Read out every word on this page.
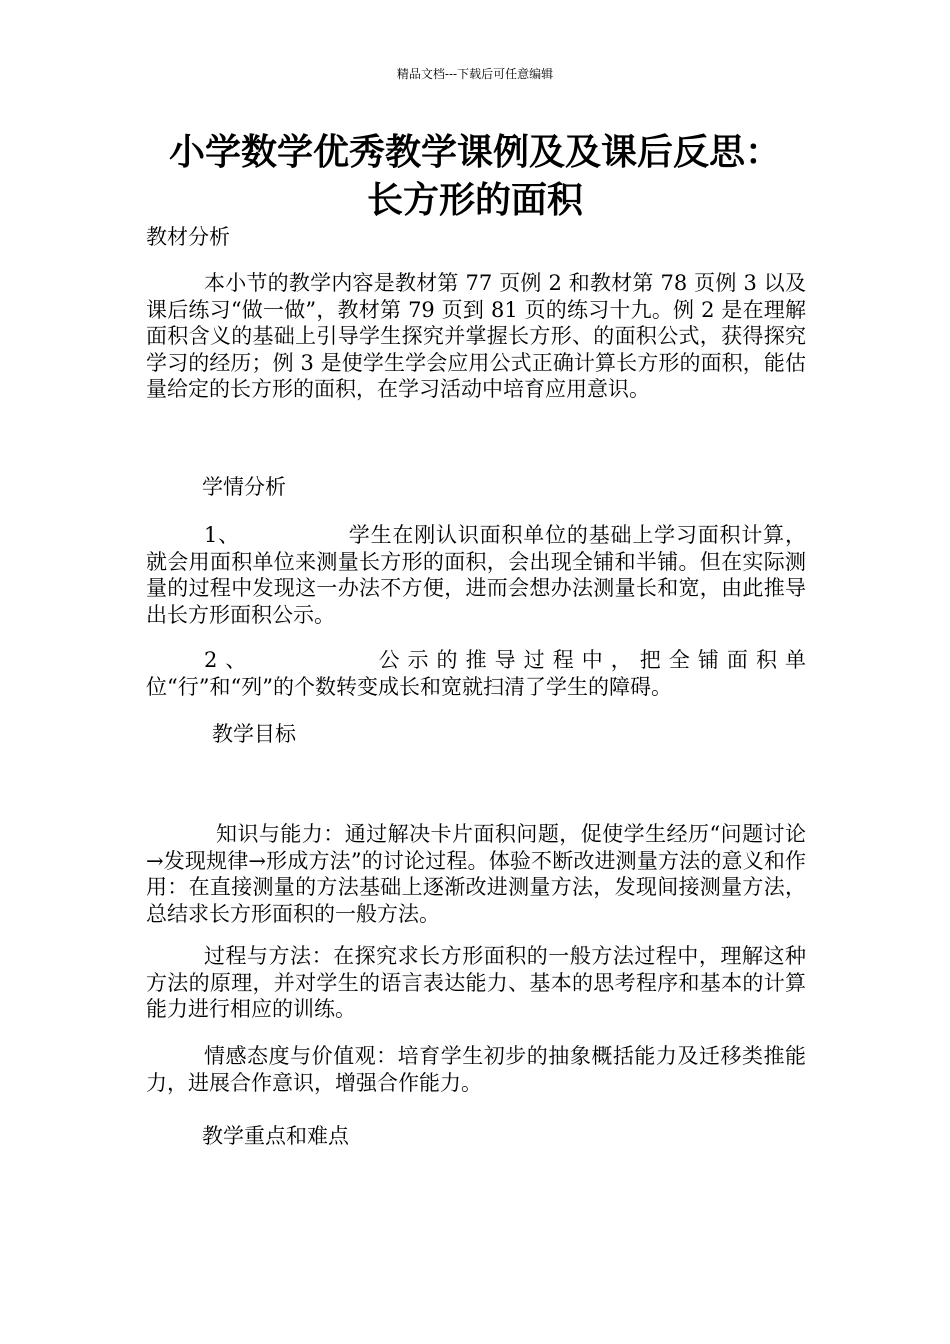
精品文档---下载后可任意编辑
小学数学优秀教学课例及及课后反思：
长方形的面积
教材分析

本小节的教学内容是教材第 77 页例 2 和教材第 78 页例 3 以及课后练习“做一做”，教材第 79 页到 81 页的练习十九。例 2 是在理解面积含义的基础上引导学生探究并掌握长方形、的面积公式，获得探究学习的经历；例 3 是使学生学会应用公式正确计算长方形的面积，能估量给定的长方形的面积，在学习活动中培育应用意识。

学情分析

1、	学生在刚认识面积单位的基础上学习面积计算，就会用面积单位来测量长方形的面积，会出现全铺和半铺。但在实际测量的过程中发现这一办法不方便，进而会想办法测量长和宽，由此推导出长方形面积公示。

2、	公示的推导过程中，把全铺面积单位“行”和“列”的个数转变成长和宽就扫清了学生的障碍。

教学目标

知识与能力：通过解决卡片面积问题，促使学生经历“问题讨论→发现规律→形成方法”的讨论过程。体验不断改进测量方法的意义和作用：在直接测量的方法基础上逐渐改进测量方法，发现间接测量方法，总结求长方形面积的一般方法。

过程与方法：在探究求长方形面积的一般方法过程中，理解这种方法的原理，并对学生的语言表达能力、基本的思考程序和基本的计算能力进行相应的训练。

情感态度与价值观：培育学生初步的抽象概括能力及迁移类推能力，进展合作意识，增强合作能力。

教学重点和难点
